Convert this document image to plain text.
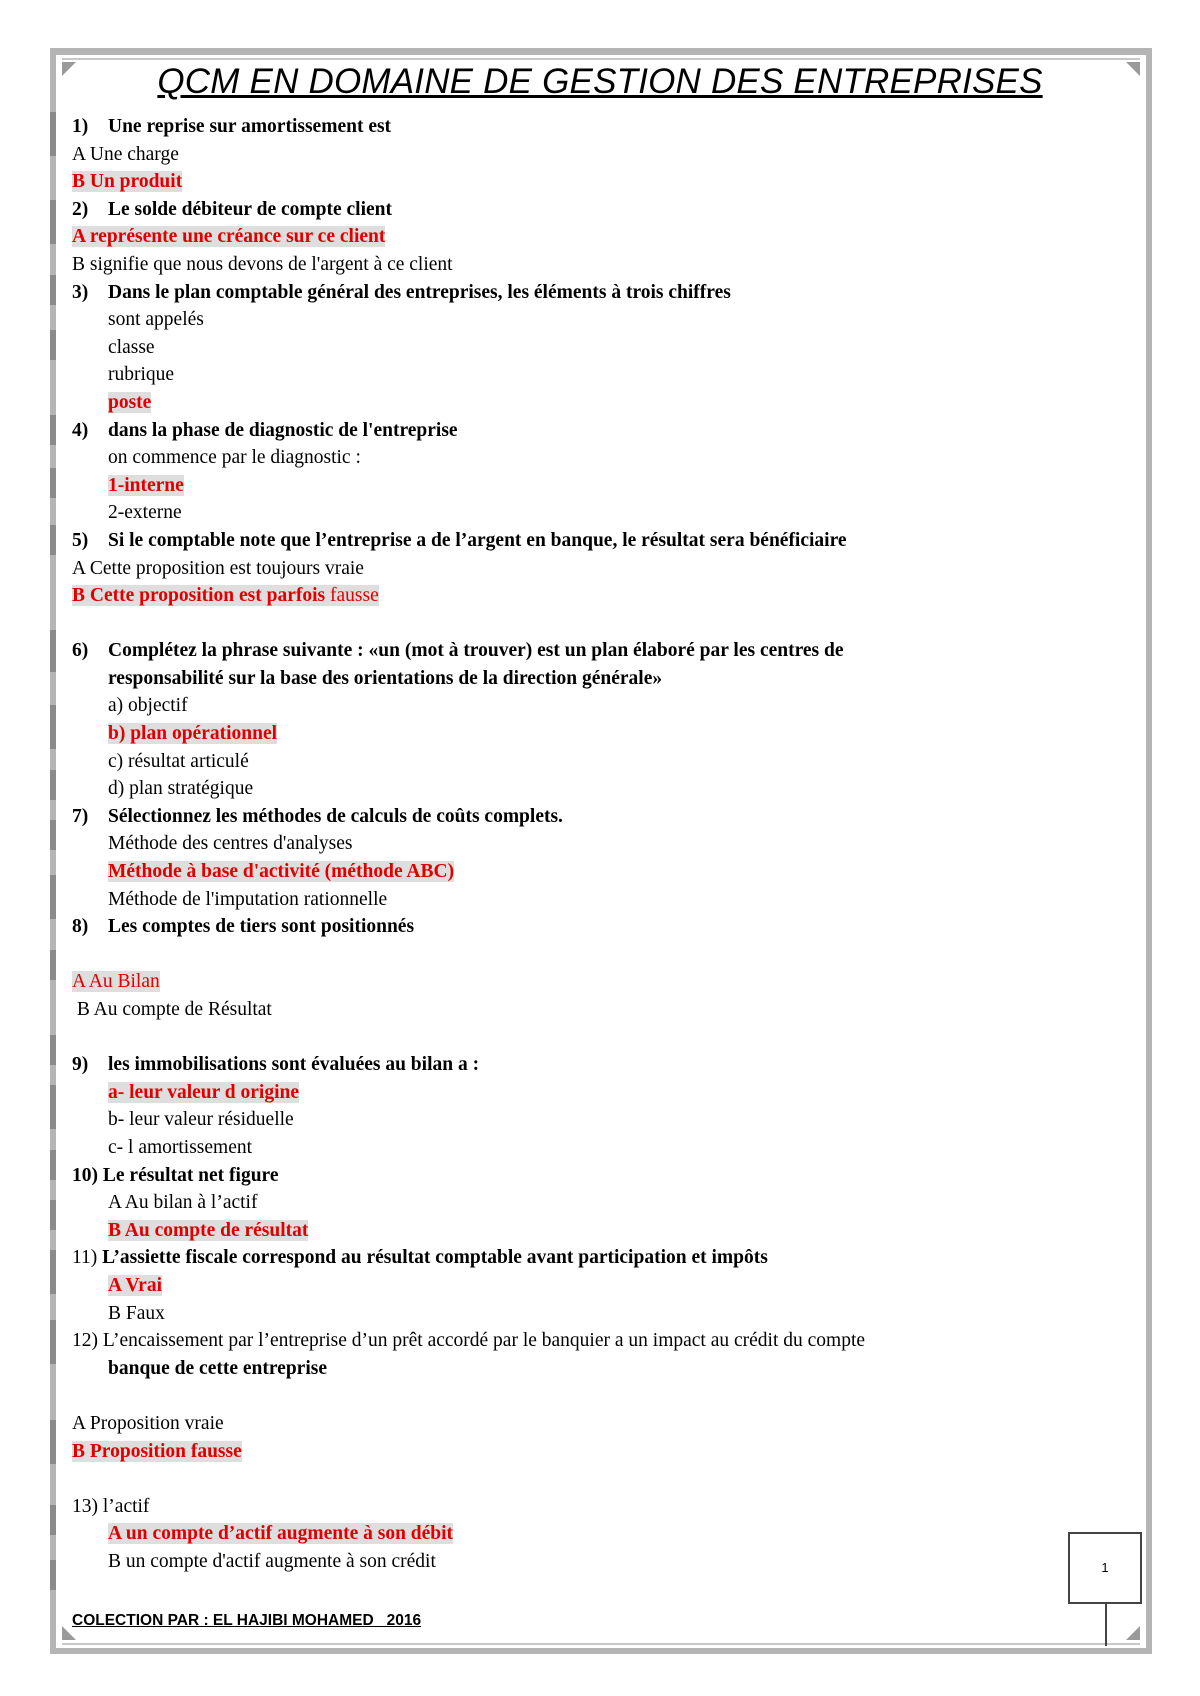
QCM EN DOMAINE DE GESTION DES ENTREPRISES
1) Une reprise sur amortissement est
A Une charge
B Un produit
2) Le solde débiteur de compte client
A représente une créance sur ce client
B signifie que nous devons de l'argent à ce client
3) Dans le plan comptable général des entreprises, les éléments à trois chiffres
sont appelés
classe
rubrique
poste
4) dans la phase de diagnostic de l'entreprise
on commence par le diagnostic :
1-interne
2-externe
5) Si le comptable note que l’entreprise a de l’argent en banque, le résultat sera bénéficiaire
A Cette proposition est toujours vraie
B Cette proposition est parfois fausse
6) Complétez la phrase suivante : «un (mot à trouver) est un plan élaboré par les centres de
responsabilité sur la base des orientations de la direction générale»
a) objectif
b) plan opérationnel
c) résultat articulé
d) plan stratégique
7) Sélectionnez les méthodes de calculs de coûts complets.
Méthode des centres d'analyses
Méthode à base d'activité (méthode ABC)
Méthode de l'imputation rationnelle
8) Les comptes de tiers sont positionnés
A Au Bilan
B Au compte de Résultat
9) les immobilisations sont évaluées au bilan a :
a- leur valeur d origine
b- leur valeur résiduelle
c- l amortissement
10) Le résultat net figure
A Au bilan à l’actif
B Au compte de résultat
11) L’assiette fiscale correspond au résultat comptable avant participation et impôts
A Vrai
B Faux
12) L’encaissement par l’entreprise d’un prêt accordé par le banquier a un impact au crédit du compte
banque de cette entreprise
A Proposition vraie
B Proposition fausse
13) l’actif
A un compte d’actif augmente à son débit
B un compte d'actif augmente à son crédit	1
COLECTION PAR : EL HAJIBI MOHAMED   2016
